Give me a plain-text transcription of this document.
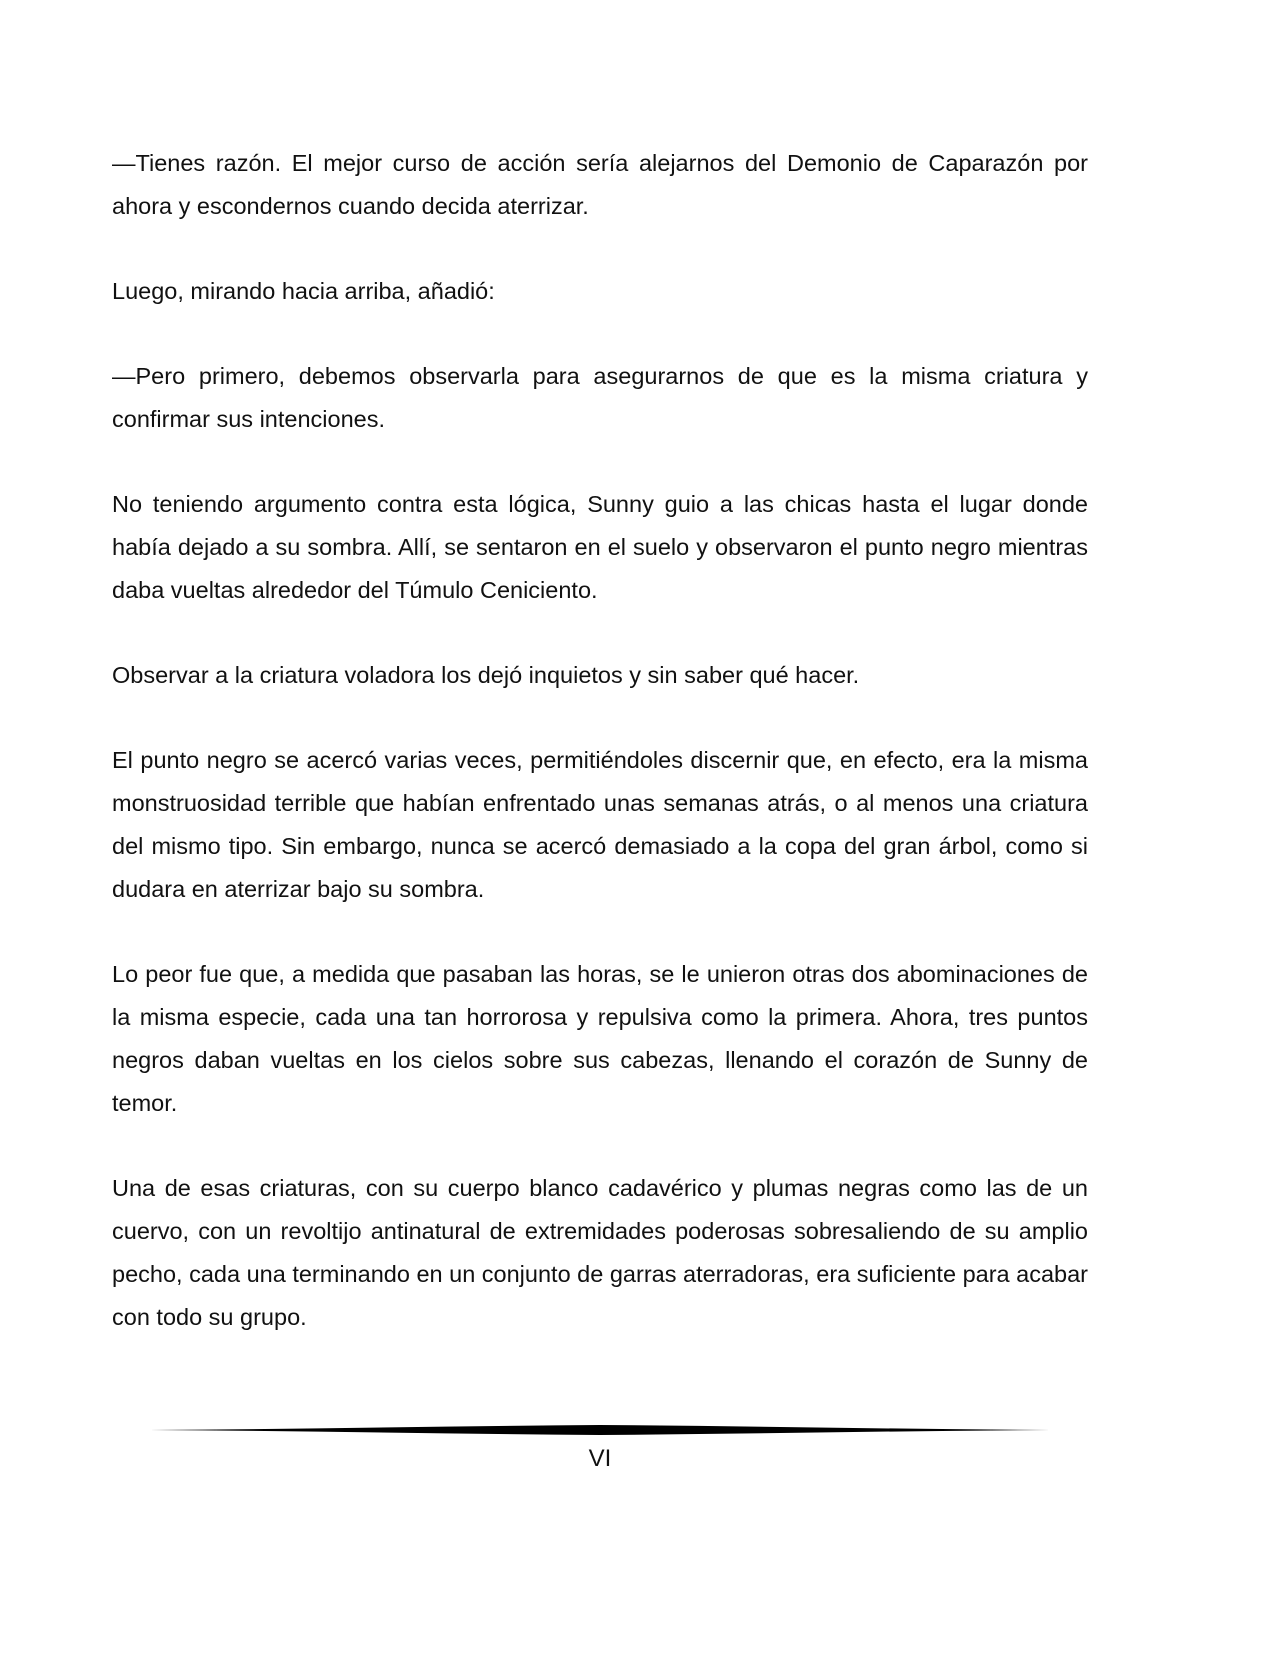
—Tienes razón. El mejor curso de acción sería alejarnos del Demonio de Caparazón por ahora y escondernos cuando decida aterrizar.

Luego, mirando hacia arriba, añadió:

—Pero primero, debemos observarla para asegurarnos de que es la misma criatura y confirmar sus intenciones.

No teniendo argumento contra esta lógica, Sunny guio a las chicas hasta el lugar donde había dejado a su sombra. Allí, se sentaron en el suelo y observaron el punto negro mientras daba vueltas alrededor del Túmulo Ceniciento.

Observar a la criatura voladora los dejó inquietos y sin saber qué hacer.

El punto negro se acercó varias veces, permitiéndoles discernir que, en efecto, era la misma monstruosidad terrible que habían enfrentado unas semanas atrás, o al menos una criatura del mismo tipo. Sin embargo, nunca se acercó demasiado a la copa del gran árbol, como si dudara en aterrizar bajo su sombra.

Lo peor fue que, a medida que pasaban las horas, se le unieron otras dos abominaciones de la misma especie, cada una tan horrorosa y repulsiva como la primera. Ahora, tres puntos negros daban vueltas en los cielos sobre sus cabezas, llenando el corazón de Sunny de temor.

Una de esas criaturas, con su cuerpo blanco cadavérico y plumas negras como las de un cuervo, con un revoltijo antinatural de extremidades poderosas sobresaliendo de su amplio pecho, cada una terminando en un conjunto de garras aterradoras, era suficiente para acabar con todo su grupo.

VI
